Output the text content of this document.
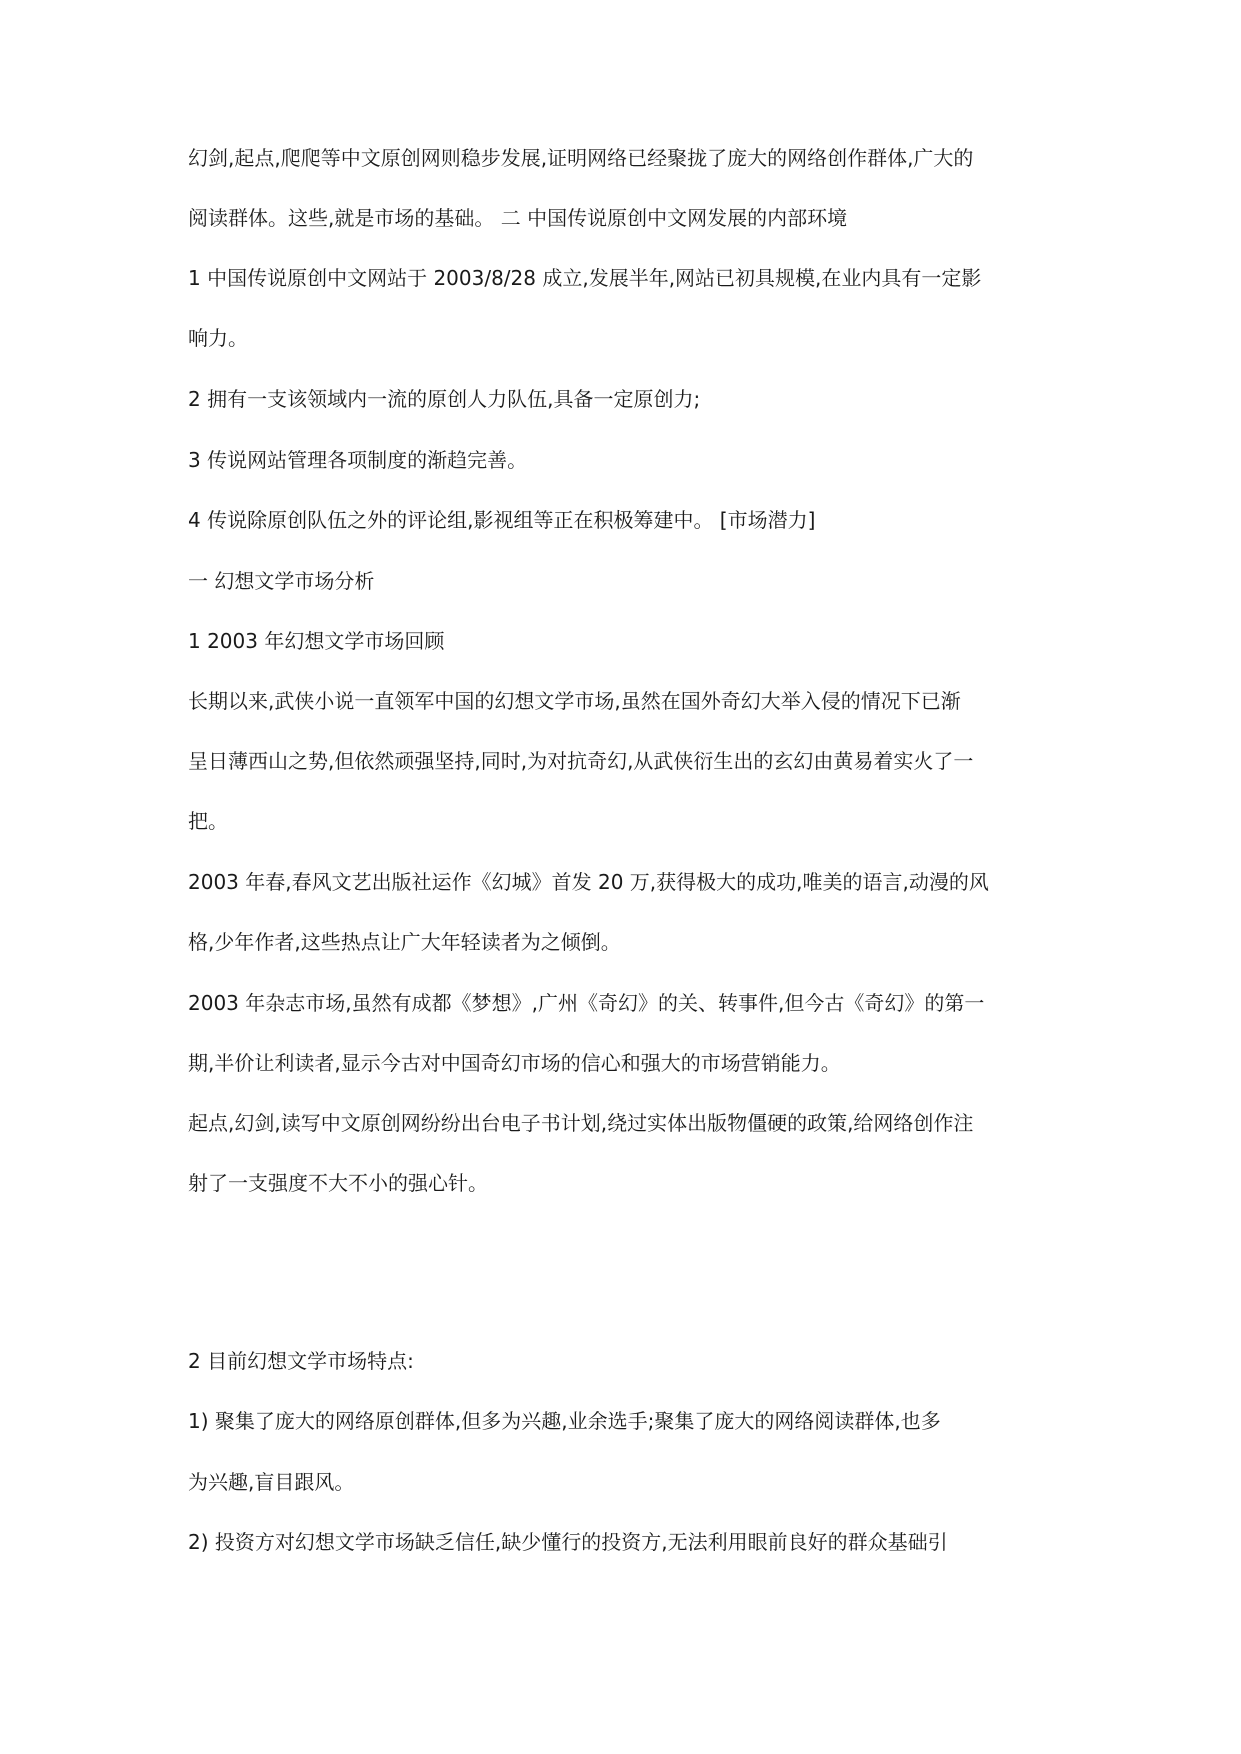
幻剑,起点,爬爬等中文原创网则稳步发展,证明网络已经聚拢了庞大的网络创作群体,广大的

阅读群体。这些,就是市场的基础。 二 中国传说原创中文网发展的内部环境

1 中国传说原创中文网站于 2003/8/28 成立,发展半年,网站已初具规模,在业内具有一定影

响力。

2 拥有一支该领域内一流的原创人力队伍,具备一定原创力;

3 传说网站管理各项制度的渐趋完善。

4 传说除原创队伍之外的评论组,影视组等正在积极筹建中。 [市场潜力]

一 幻想文学市场分析

1 2003 年幻想文学市场回顾

长期以来,武侠小说一直领军中国的幻想文学市场,虽然在国外奇幻大举入侵的情况下已渐

呈日薄西山之势,但依然顽强坚持,同时,为对抗奇幻,从武侠衍生出的玄幻由黄易着实火了一

把。

2003 年春,春风文艺出版社运作《幻城》首发 20 万,获得极大的成功,唯美的语言,动漫的风

格,少年作者,这些热点让广大年轻读者为之倾倒。

2003 年杂志市场,虽然有成都《梦想》,广州《奇幻》的关、转事件,但今古《奇幻》的第一

期,半价让利读者,显示今古对中国奇幻市场的信心和强大的市场营销能力。

起点,幻剑,读写中文原创网纷纷出台电子书计划,绕过实体出版物僵硬的政策,给网络创作注

射了一支强度不大不小的强心针。

2 目前幻想文学市场特点:

1) 聚集了庞大的网络原创群体,但多为兴趣,业余选手;聚集了庞大的网络阅读群体,也多

为兴趣,盲目跟风。

2) 投资方对幻想文学市场缺乏信任,缺少懂行的投资方,无法利用眼前良好的群众基础引
